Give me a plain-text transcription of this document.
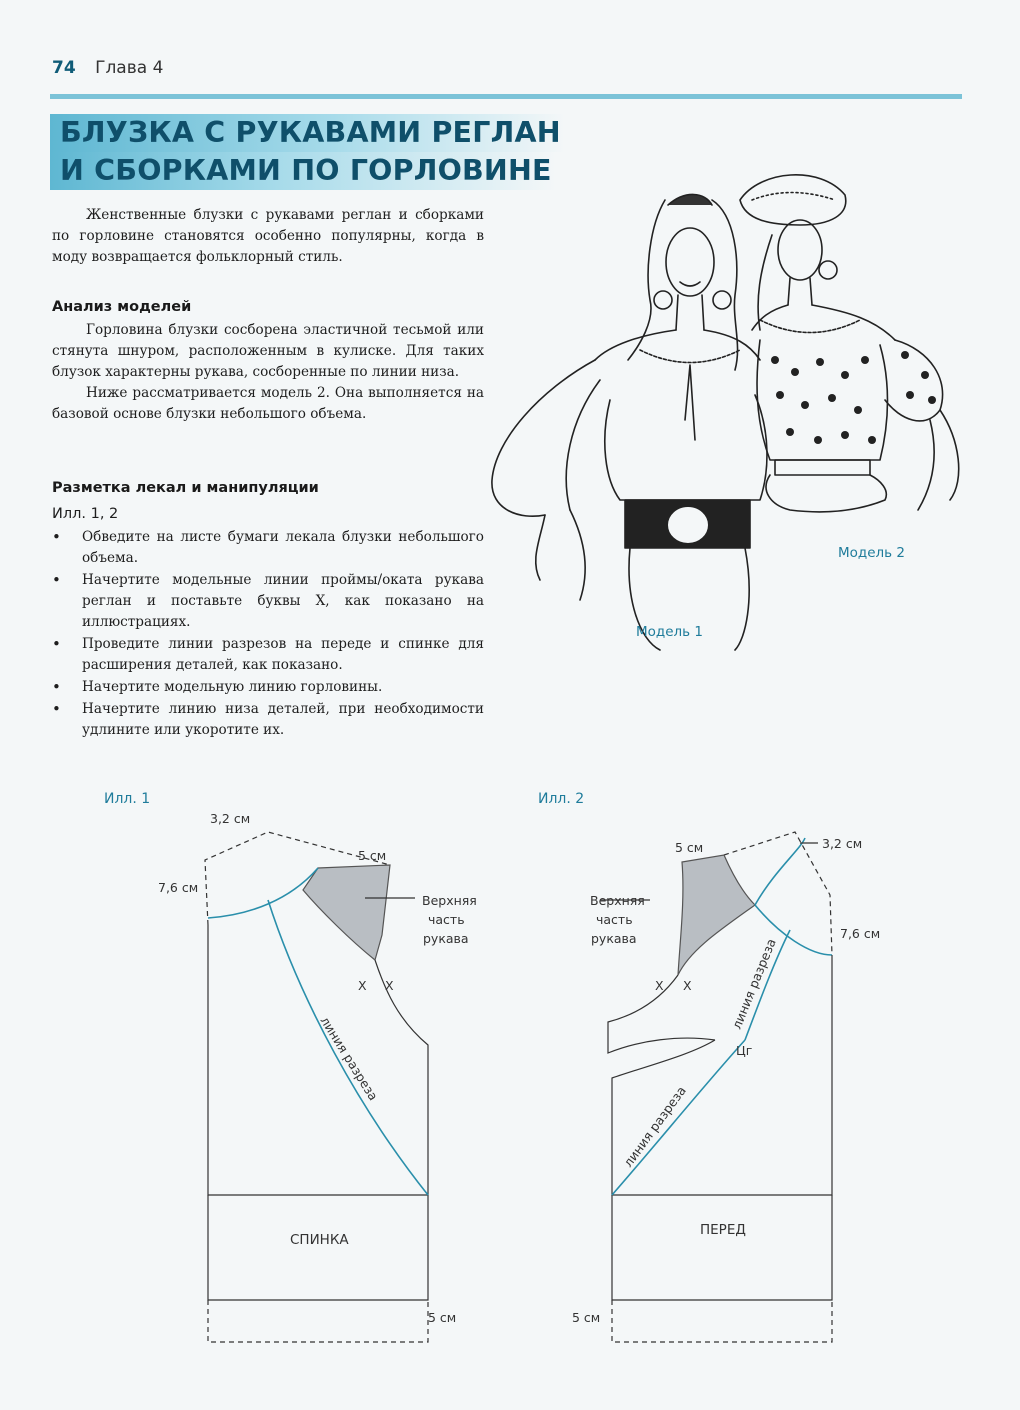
74 Глава 4
БЛУЗКА С РУКАВАМИ РЕГЛАН
И СБОРКАМИ ПО ГОРЛОВИНЕ
Женственные блузки с рукавами реглан и сборками по горловине становятся особенно популярны, когда в моду возвращается фольклорный стиль.
Анализ моделей

Горловина блузки сосборена эластичной тесьмой или стянута шнуром, расположенным в кулиске. Для таких блузок характерны рукава, сосборенные по линии низа.

Ниже рассматривается модель 2. Она выполняется на базовой основе блузки небольшого объема.

Разметка лекал и манипуляции
Илл. 1, 2
• Обведите на листе бумаги лекала блузки небольшого объема.
• Начертите модельные линии проймы/оката рукава реглан и поставьте буквы X, как показано на иллюстрациях.
• Проведите линии разрезов на переде и спинке для расширения деталей, как показано.
• Начертите модельную линию горловины.
• Начертите линию низа деталей, при необходимости удлините или укоротите их.
Модель 2
Модель 1
Илл. 1
3,2 см
7,6 см
5 см
Верхняя
часть
рукава
X X
линия разреза
СПИНКА
5 см
Илл. 2
5 см	3,2 см
7,6 см
Верхняя
часть
рукава
X X	линия разреза
линия разреза
Цг
ПЕРЕД
5 см
